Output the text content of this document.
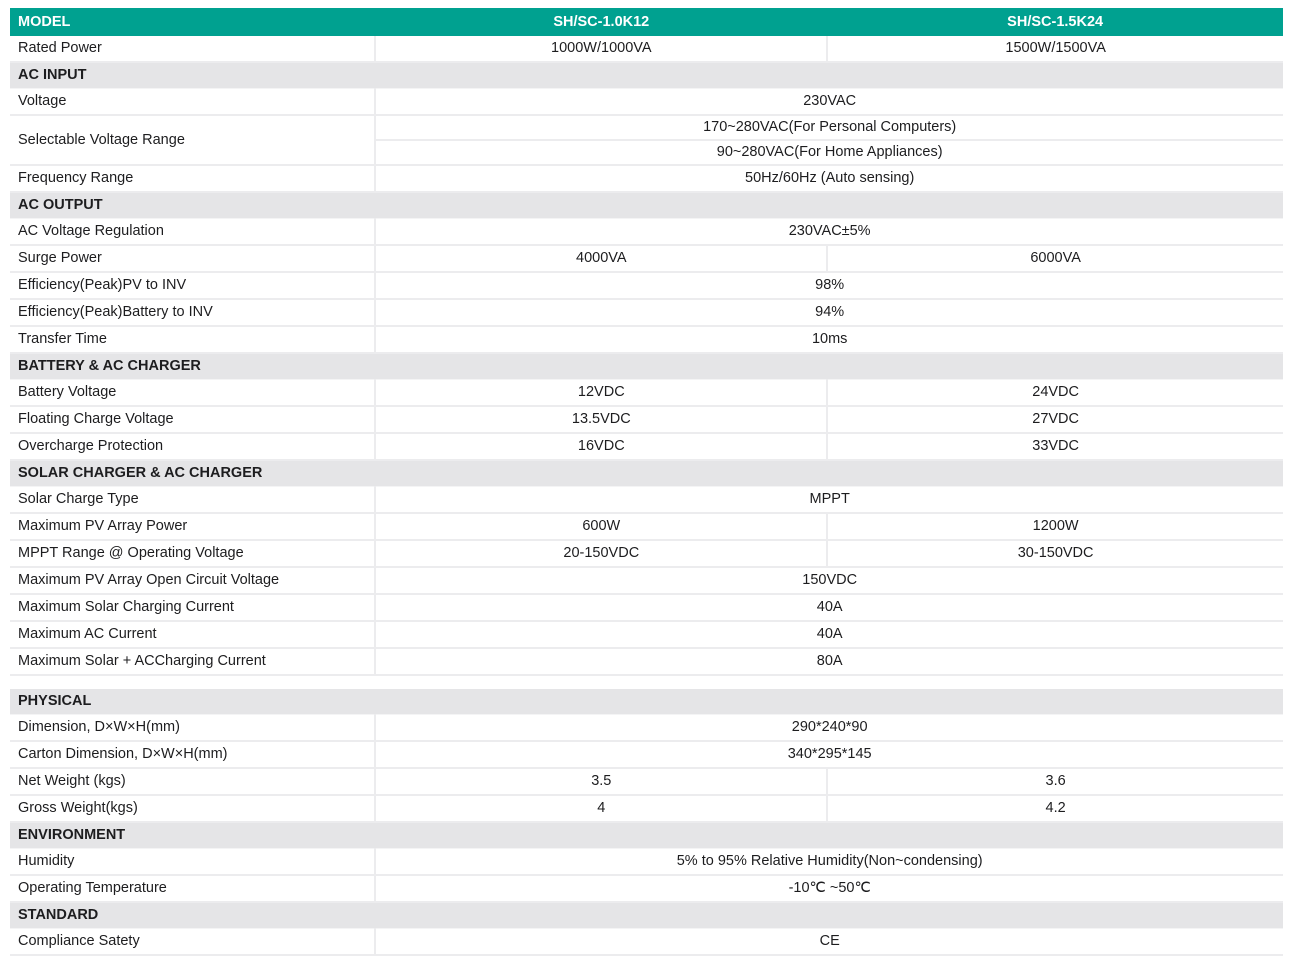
MODEL	SH/SC-1.0K12	SH/SC-1.5K24
Rated Power	1000W/1000VA	1500W/1500VA
AC INPUT		
Voltage	230VAC	
Selectable Voltage Range	170~280VAC(For Personal Computers)	
	90~280VAC(For Home Appliances)	
Frequency Range	50Hz/60Hz (Auto sensing)	
AC OUTPUT		
AC Voltage Regulation	230VAC±5%	
Surge Power	4000VA	6000VA
Efficiency(Peak)PV to INV	98%	
Efficiency(Peak)Battery to INV	94%	
Transfer Time	10ms	
BATTERY & AC CHARGER		
Battery Voltage	12VDC	24VDC
Floating Charge Voltage	13.5VDC	27VDC
Overcharge Protection	16VDC	33VDC
SOLAR CHARGER & AC CHARGER		
Solar Charge Type	MPPT	
Maximum PV Array Power	600W	1200W
MPPT Range @ Operating Voltage	20-150VDC	30-150VDC
Maximum PV Array Open Circuit Voltage	150VDC	
Maximum Solar Charging Current	40A	
Maximum AC Current	40A	
Maximum Solar + ACCharging Current	80A	
PHYSICAL		
Dimension, D×W×H(mm)	290*240*90	
Carton Dimension, D×W×H(mm)	340*295*145	
Net Weight (kgs)	3.5	3.6
Gross Weight(kgs)	4	4.2
ENVIRONMENT		
Humidity	5% to 95% Relative Humidity(Non~condensing)	
Operating Temperature	-10℃ ~50℃	
STANDARD		
Compliance Satety	CE	
